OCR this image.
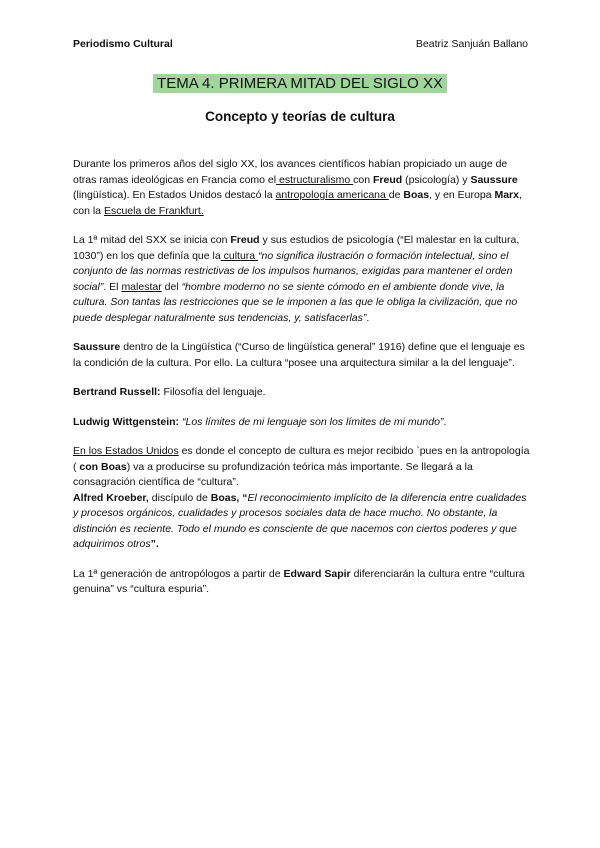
Periodismo Cultural	Beatriz Sanjuán Ballano
TEMA 4. PRIMERA MITAD DEL SIGLO XX
Concepto y teorías de cultura

Durante los primeros años del siglo XX, los avances científicos habían propiciado un auge de otras ramas ideológicas en Francia como el estructuralismo con Freud (psicología) y Saussure (lingüística). En Estados Unidos destacó la antropología americana de Boas, y en Europa Marx, con la Escuela de Frankfurt.

La 1ª mitad del SXX se inicia con Freud y sus estudios de psicología (“El malestar en la cultura, 1030”) en los que definía que la cultura “no significa ilustración o formación intelectual, sino el conjunto de las normas restrictivas de los impulsos humanos, exigidas para mantener el orden social”. El malestar del “hombre moderno no se siente cómodo en el ambiente donde vive, la cultura. Son tantas las restricciones que se le imponen a las que le obliga la civilización, que no puede desplegar naturalmente sus tendencias, y, satisfacerlas”.

Saussure dentro de la Lingüística (“Curso de lingüística general” 1916) define que el lenguaje es la condición de la cultura. Por ello. La cultura “posee una arquitectura similar a la del lenguaje”.

Bertrand Russell: Filosofía del lenguaje.

Ludwig Wittgenstein: “Los límites de mi lenguaje son los límites de mi mundo”.

En los Estados Unidos es donde el concepto de cultura es mejor recibido `pues en la antropología ( con Boas) va a producirse su profundización teórica más importante. Se llegará a la consagración científica de “cultura”.

Alfred Kroeber, discípulo de Boas, “El reconocimiento implícito de la diferencia entre cualidades y procesos orgánicos, cualidades y procesos sociales data de hace mucho. No obstante, la distinción es reciente. Todo el mundo es consciente de que nacemos con ciertos poderes y que adquirimos otros”.

La 1ª generación de antropólogos a partir de Edward Sapir diferenciarán la cultura entre “cultura genuina” vs “cultura espuria”.
